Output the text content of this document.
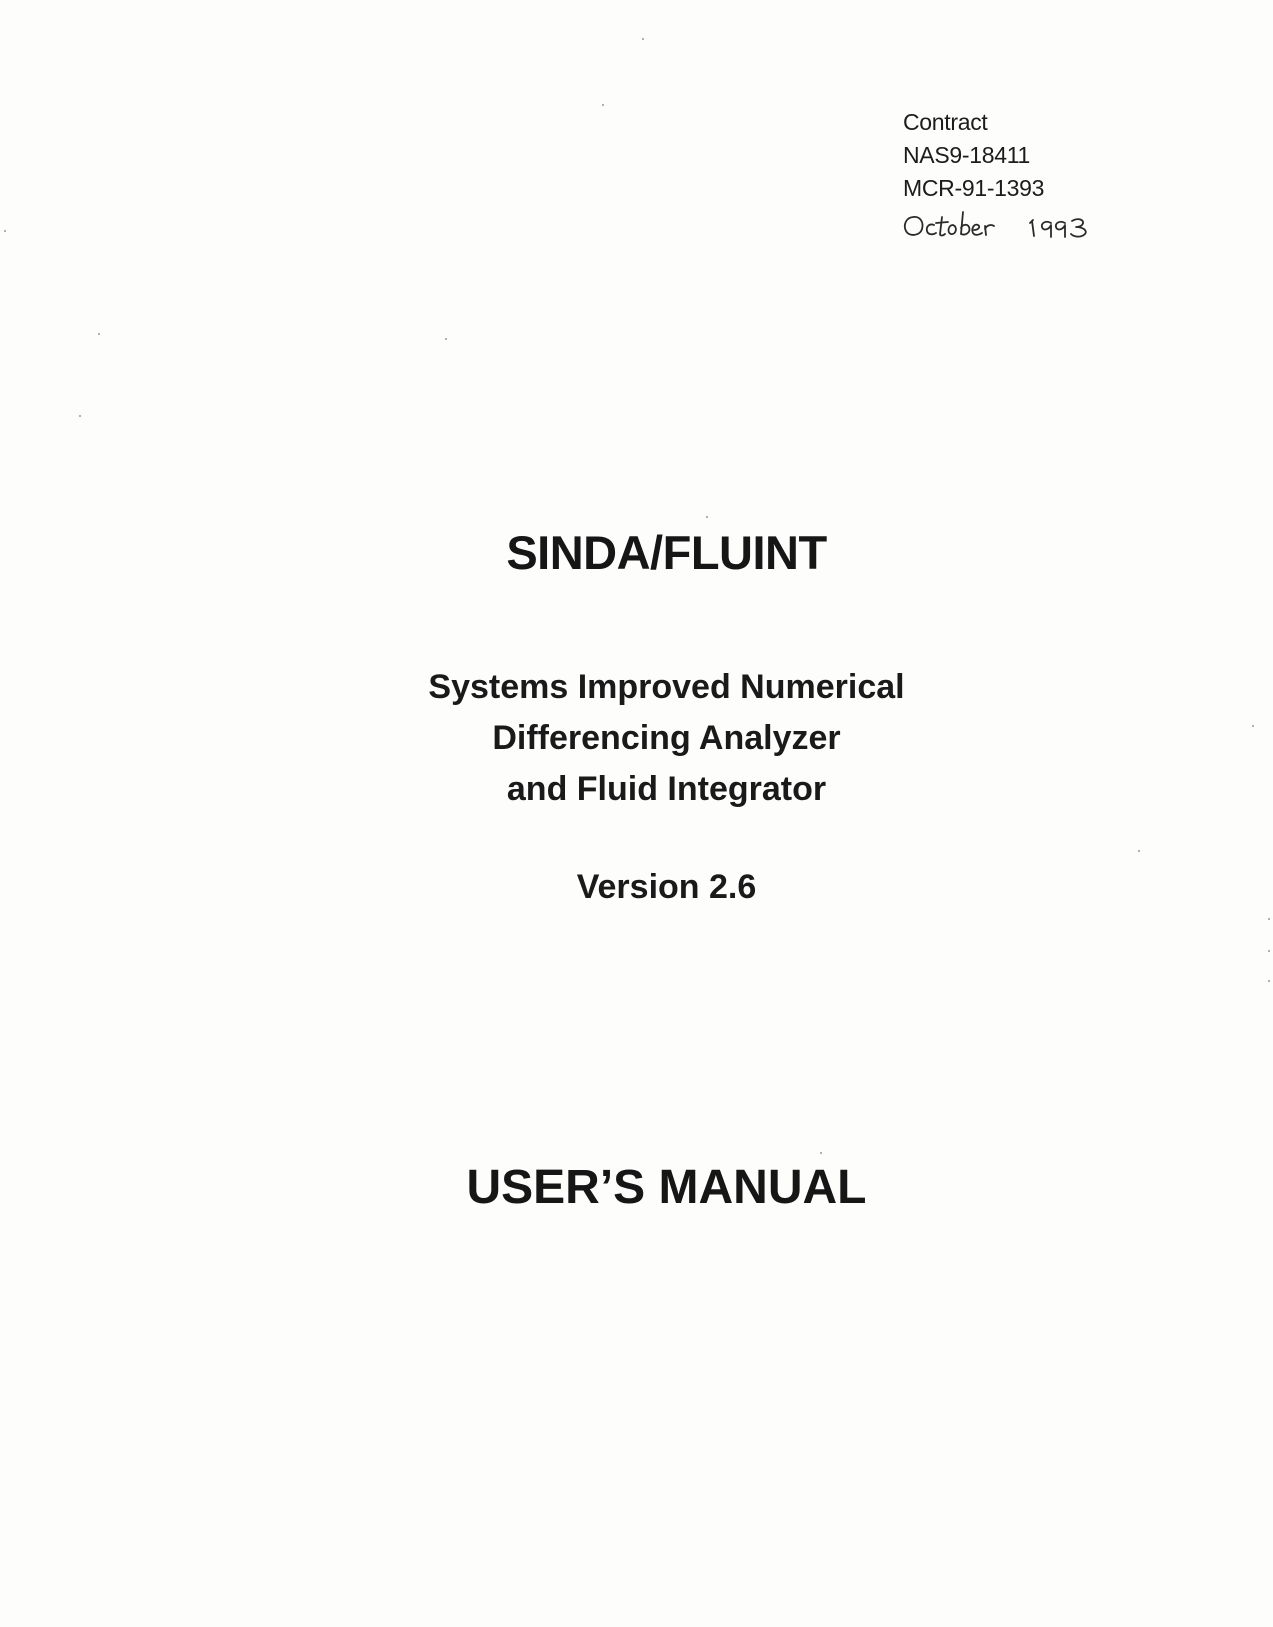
Contract
NAS9-18411
MCR-91-1393
SINDA/FLUINT
Systems Improved Numerical
Differencing Analyzer
and Fluid Integrator
Version 2.6
USER’S MANUAL
